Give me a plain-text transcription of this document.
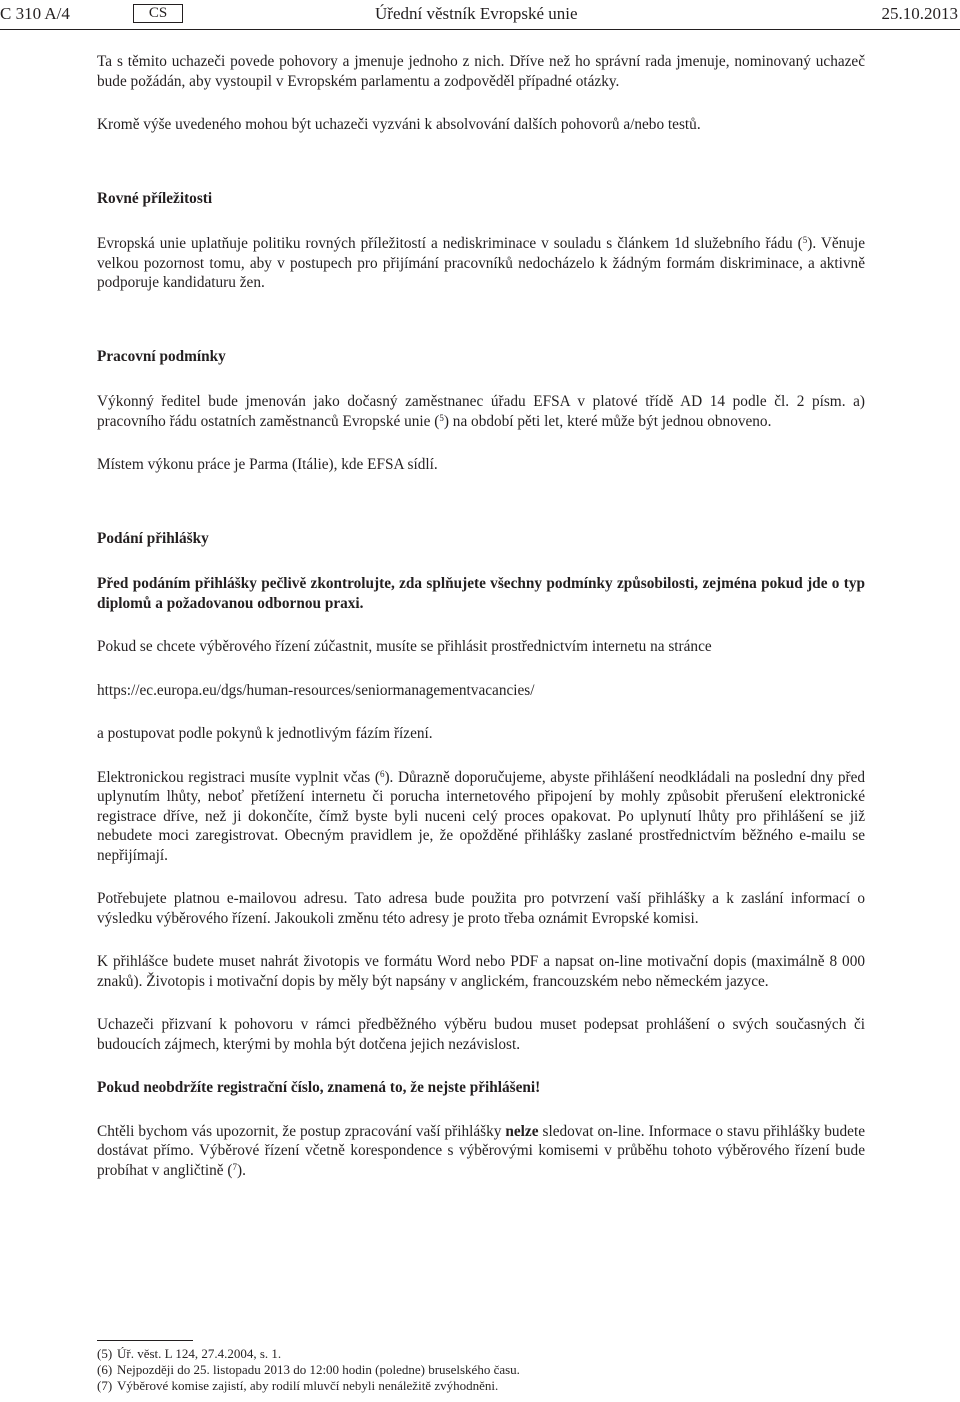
C 310 A/4	CS	Úřední věstník Evropské unie	25.10.2013

Ta s těmito uchazeči povede pohovory a jmenuje jednoho z nich. Dříve než ho správní rada jmenuje, nominovaný uchazeč bude požádán, aby vystoupil v Evropském parlamentu a zodpověděl případné otázky.

Kromě výše uvedeného mohou být uchazeči vyzváni k absolvování dalších pohovorů a/nebo testů.

Rovné příležitosti

Evropská unie uplatňuje politiku rovných příležitostí a nediskriminace v souladu s článkem 1d služebního řádu ($^5$). Věnuje velkou pozornost tomu, aby v postupech pro přijímání pracovníků nedocházelo k žádným formám diskriminace, a aktivně podporuje kandidaturu žen.

Pracovní podmínky

Výkonný ředitel bude jmenován jako dočasný zaměstnanec úřadu EFSA v platové třídě AD 14 podle čl. 2 písm. a) pracovního řádu ostatních zaměstnanců Evropské unie ($^5$) na období pěti let, které může být jednou obnoveno.

Místem výkonu práce je Parma (Itálie), kde EFSA sídlí.

Podání přihlášky

Před podáním přihlášky pečlivě zkontrolujte, zda splňujete všechny podmínky způsobilosti, zejména pokud jde o typ diplomů a požadovanou odbornou praxi.

Pokud se chcete výběrového řízení zúčastnit, musíte se přihlásit prostřednictvím internetu na stránce

https://ec.europa.eu/dgs/human-resources/seniormanagementvacancies/

a postupovat podle pokynů k jednotlivým fázím řízení.

Elektronickou registraci musíte vyplnit včas ($^6$). Důrazně doporučujeme, abyste přihlášení neodkládali na poslední dny před uplynutím lhůty, neboť přetížení internetu či porucha internetového připojení by mohly způsobit přerušení elektronické registrace dříve, než ji dokončíte, čímž byste byli nuceni celý proces opakovat. Po uplynutí lhůty pro přihlášení se již nebudete moci zaregistrovat. Obecným pravidlem je, že opožděné přihlášky zaslané prostřednictvím běžného e-mailu se nepřijímají.

Potřebujete platnou e-mailovou adresu. Tato adresa bude použita pro potvrzení vaší přihlášky a k zaslání informací o výsledku výběrového řízení. Jakoukoli změnu této adresy je proto třeba oznámit Evropské komisi.

K přihlášce budete muset nahrát životopis ve formátu Word nebo PDF a napsat on-line motivační dopis (maximálně 8 000 znaků). Životopis i motivační dopis by měly být napsány v anglickém, francouzském nebo německém jazyce.

Uchazeči přizvaní k pohovoru v rámci předběžného výběru budou muset podepsat prohlášení o svých současných či budoucích zájmech, kterými by mohla být dotčena jejich nezávislost.

Pokud neobdržíte registrační číslo, znamená to, že nejste přihlášeni!

Chtěli bychom vás upozornit, že postup zpracování vaší přihlášky nelze sledovat on-line. Informace o stavu přihlášky budete dostávat přímo. Výběrové řízení včetně korespondence s výběrovými komisemi v průběhu tohoto výběrového řízení bude probíhat v angličtině ($^7$).

(5) Úř. věst. L 124, 27.4.2004, s. 1.
(6) Nejpozději do 25. listopadu 2013 do 12:00 hodin (poledne) bruselského času.
(7) Výběrové komise zajistí, aby rodilí mluvčí nebyli nenáležitě zvýhodněni.
